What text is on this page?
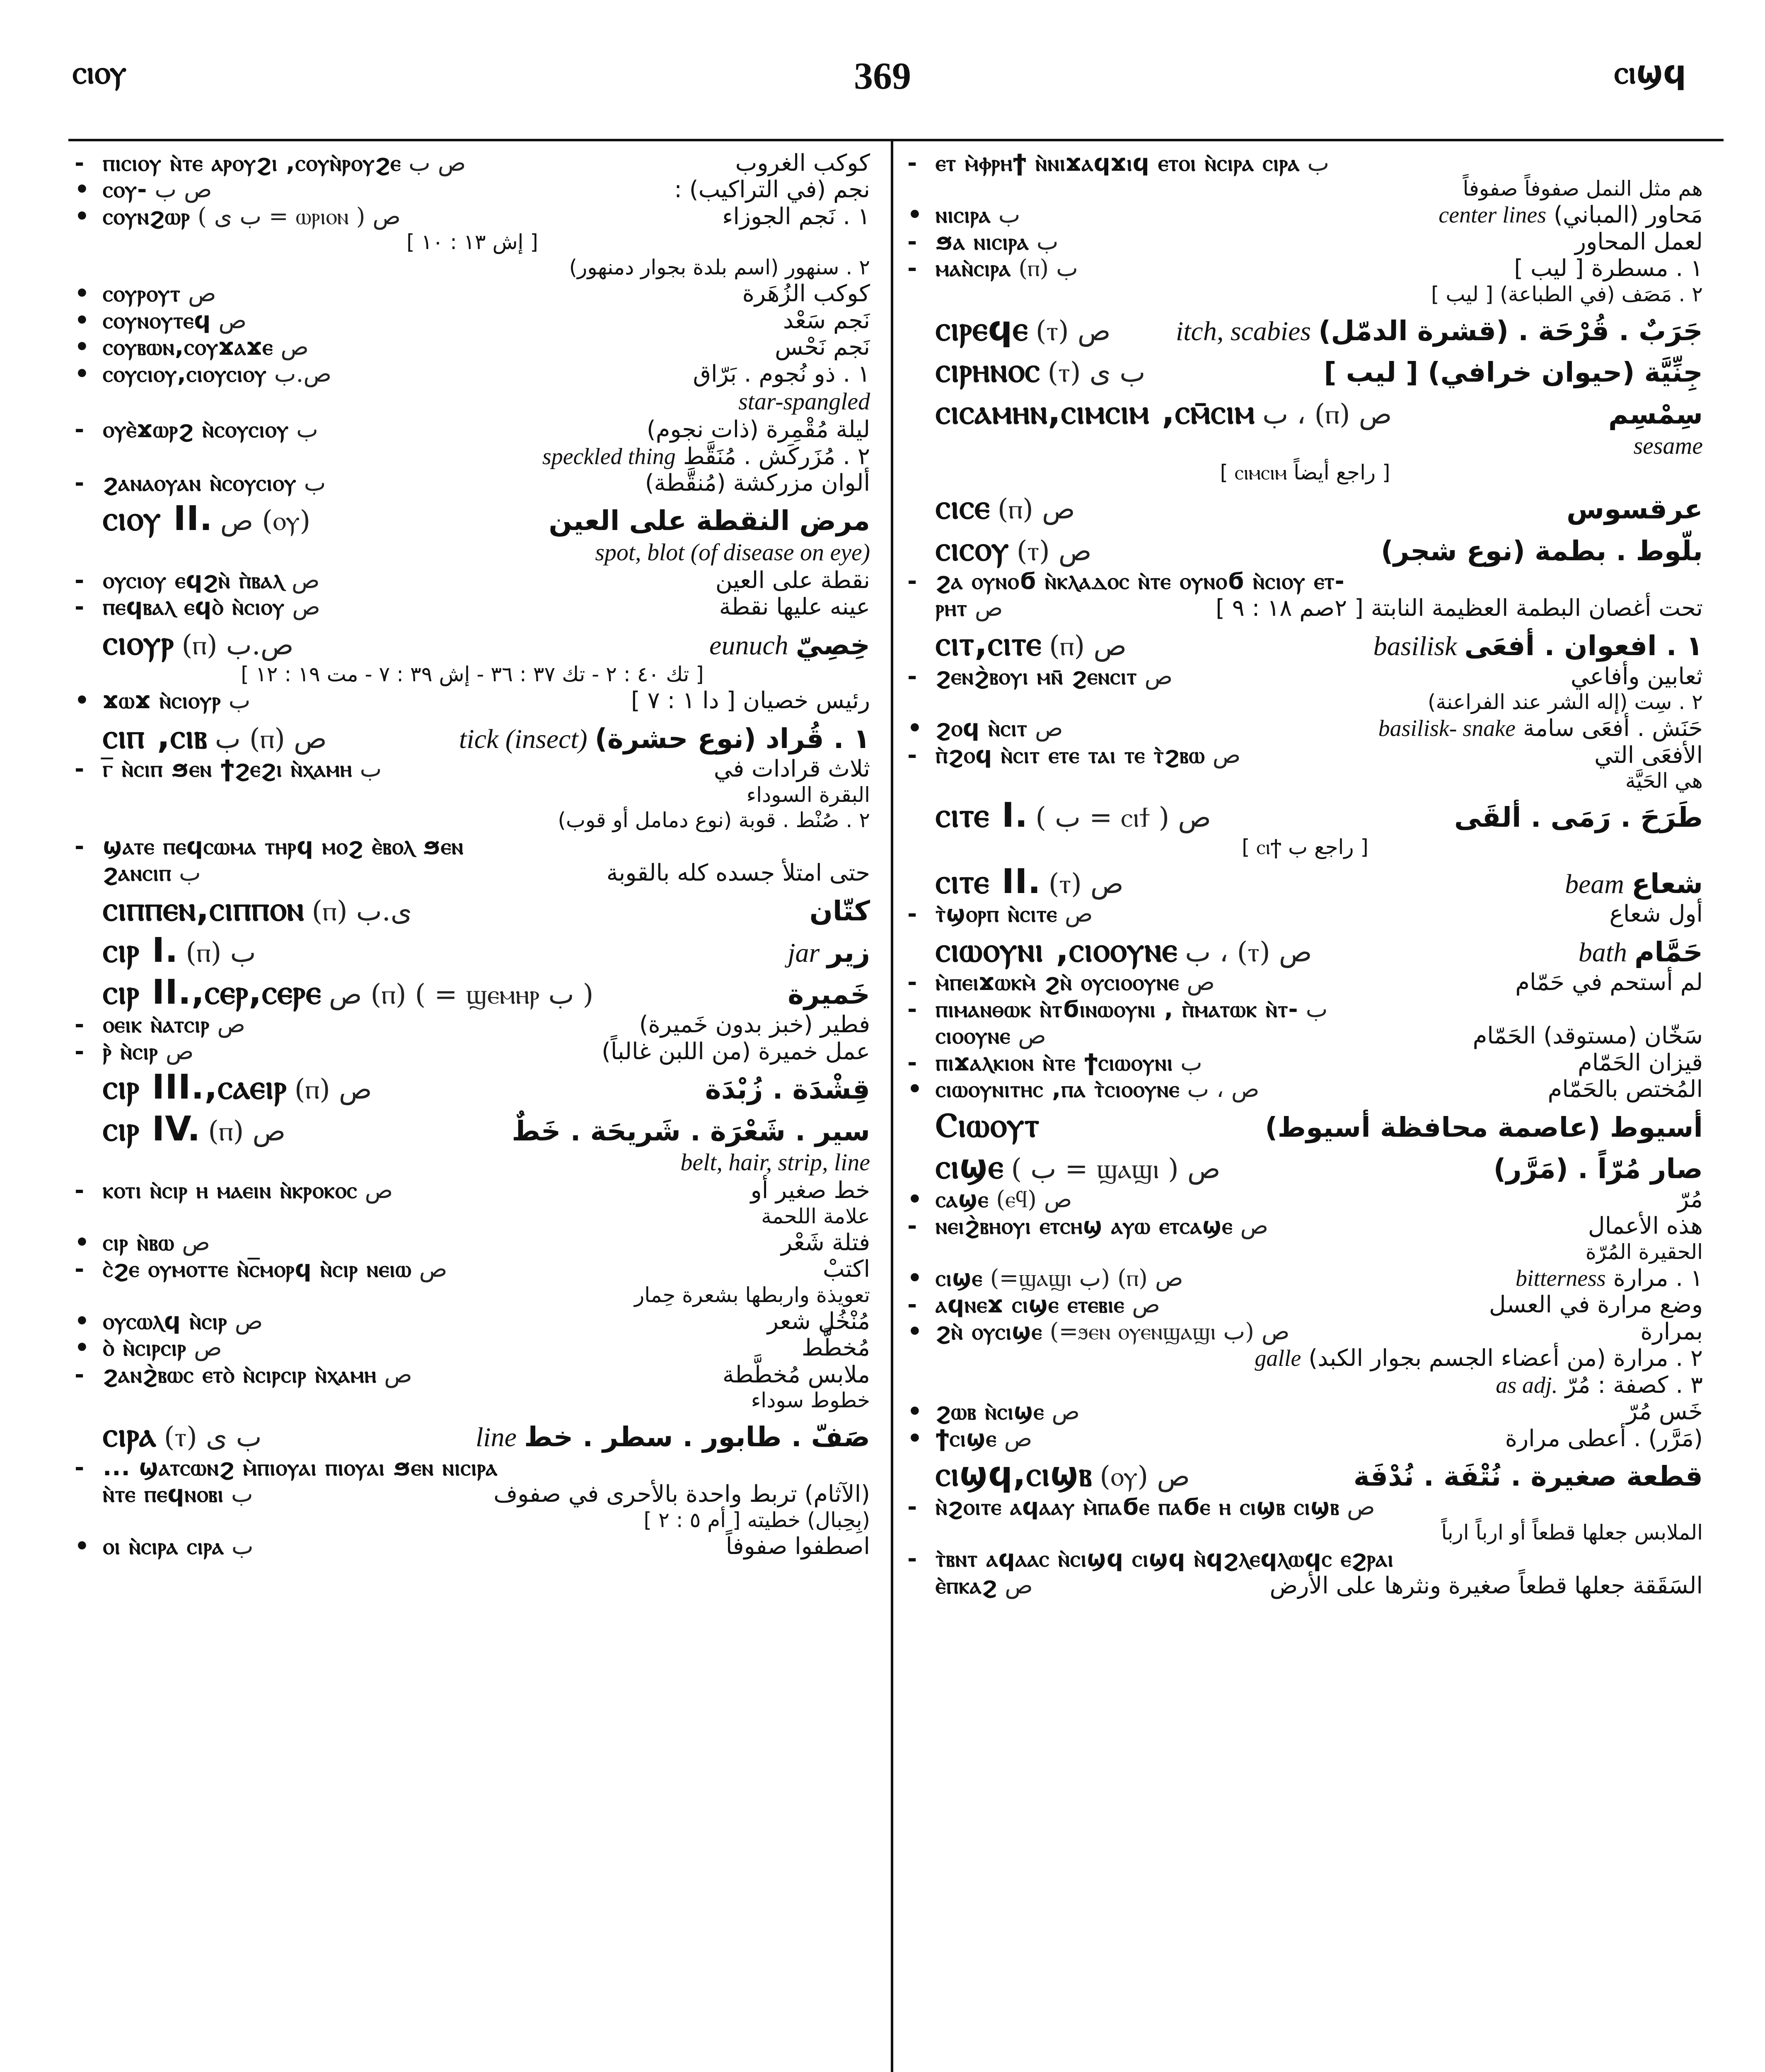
ⲥⲓⲟⲩ	369	ⲥⲓϣϥ
- ⲡⲓⲥⲓⲟⲩ ⲛ̀ⲧⲉ ⲁⲣⲟⲩϩⲓ ,ⲥⲟⲩⲛ̀ⲣⲟⲩϩⲉ ص ب	كوكب الغروب
• ⲥⲟⲩ- ص ب	نجم (في التراكيب) :
• ⲥⲟⲩⲛϩⲱⲣ ( ب ى = ⲱⲣⲓⲟⲛ ) ص	١ . نَجم الجوزاء
[ إش ١٣ : ١٠ ]
٢ . سنهور (اسم بلدة بجوار دمنهور)
• ⲥⲟⲩⲣⲟⲩⲧ ص	كوكب الزُهَرة
• ⲥⲟⲩⲛⲟⲩⲧⲉϥ ص	نَجم سَعْد
• ⲥⲟⲩⲃⲱⲛ,ⲥⲟⲩϫⲁϫⲉ ص	نَجم نَحْس
• ⲥⲟⲩⲥⲓⲟⲩ,ⲥⲓⲟⲩⲥⲓⲟⲩ ص.ب	١ . ذو نُجوم . بَرّاق
star-spangled
- ⲟⲩⲉ̀ϫⲱⲣϩ ⲛ̀ⲥⲟⲩⲥⲓⲟⲩ ب	ليلة مُقْمِرة (ذات نجوم)
speckled thing ٢ . مُزَركَش . مُنَقَّط
- ϩⲁⲛⲁⲟⲩⲁⲛ ⲛ̀ⲥⲟⲩⲥⲓⲟⲩ ب	ألوان مزركشة (مُنقَّطة)
ⲥⲓⲟⲩ II. ص (ⲟⲩ)	مرض النقطة على العين
spot, blot (of disease on eye)
- ⲟⲩⲥⲓⲟⲩ ⲉϥϩⲛ̀ ⲡ̀ⲃⲁⲗ ص	نقطة على العين
- ⲡⲉϥⲃⲁⲗ ⲉϥⲟ̀ ⲛ̀ⲥⲓⲟⲩ ص	عينه عليها نقطة
ⲥⲓⲟⲩⲣ (ⲡ) ص.ب	eunuch خِصِيّ
[ تك ٤٠ : ٢ - تك ٣٧ : ٣٦ - إش ٣٩ : ٧ - مت ١٩ : ١٢ ]
• ϫⲱϫ ⲛ̀ⲥⲓⲟⲩⲣ ب	رئيس خصيان [ دا ١ : ٧ ]
ⲥⲓⲡ ,ⲥⲓⲃ ب (ⲡ) ص	tick (insect) ١ . قُراد (نوع حشرة)
- ⲅ̅ ⲛ̀ⲥⲓⲡ ϧⲉⲛ ϯϩⲉϩⲓ ⲛ̀ⲭⲁⲙⲏ ب	ثلاث قرادات في
البقرة السوداء
٢ . صُنْط . قوبة (نوع دمامل أو قوب)
- ϣⲁⲧⲉ ⲡⲉϥⲥⲱⲙⲁ ⲧⲏⲣϥ ⲙⲟϩ ⲉ̀ⲃⲟⲗ ϧⲉⲛ
ϩⲁⲛⲥⲓⲡ ب	حتى امتلأ جسده كله بالقوبة
ⲥⲓⲡⲡⲉⲛ,ⲥⲓⲡⲡⲟⲛ (ⲡ) ى.ب	كتّان
ⲥⲓⲣ I. (ⲡ) ب	jar زير
ⲥⲓⲣ II.,ⲥⲉⲣ,ⲥⲉⲣⲉ ص (ⲡ) ( = ϣⲉⲙⲏⲣ ب )	خَميرة
- ⲟⲉⲓⲕ ⲛ̀ⲁⲧⲥⲓⲣ ص	فطير (خبز بدون خَميرة)
- ⲣ̀ ⲛ̀ⲥⲓⲣ ص	عمل خميرة (من اللبن غالباً)
ⲥⲓⲣ III.,ⲥⲁⲉⲓⲣ (ⲡ) ص	قِشْدَة . زُبْدَة
ⲥⲓⲣ IV. (ⲡ) ص	سير . شَعْرَة . شَريحَة . خَطٌ
belt, hair, strip, line
- ⲕⲟⲧⲓ ⲛ̀ⲥⲓⲣ ⲏ ⲙⲁⲉⲓⲛ ⲛ̀ⲕⲣⲟⲕⲟⲥ ص	خط صغير أو
علامة اللحمة
• ⲥⲓⲣ ⲛ̀ⲃⲱ ص	فتلة شَعْر
- ⲥ̀ϩⲉ ⲟⲩⲙⲟⲧⲧⲉ ⲛ̀ⲥ̅ⲙⲟⲣϥ ⲛ̀ⲥⲓⲣ ⲛⲉⲓⲱ ص	اكتبْ
تعويذة واربطها بشعرة حِمار
• ⲟⲩⲥⲱⲗϥ ⲛ̀ⲥⲓⲣ ص	مُنْخُل شعر
• ⲟ̀ ⲛ̀ⲥⲓⲣⲥⲓⲣ ص	مُخطَّط
- ϩⲁⲛϩ̀ⲃⲱⲥ ⲉⲧⲟ̀ ⲛ̀ⲥⲓⲣⲥⲓⲣ ⲛ̀ⲭⲁⲙⲏ ص	ملابس مُخطَّطة
خطوط سوداء
ⲥⲓⲣⲁ (ⲧ) ب ى	line صَفّ . طابور . سطر . خط
- ... ϣⲁⲧⲥⲱⲛϩ ⲙ̀ⲡⲓⲟⲩⲁⲓ ⲡⲓⲟⲩⲁⲓ ϧⲉⲛ ⲛⲓⲥⲓⲣⲁ
ⲛ̀ⲧⲉ ⲡⲉϥⲛⲟⲃⲓ ب	(الآثام) تربط واحدة بالأحرى في صفوف
(بِحِبال) خطيته [ أم ٥ : ٢ ]
• ⲟⲓ ⲛ̀ⲥⲓⲣⲁ ⲥⲓⲣⲁ ب	اصطفوا صفوفاً
- ⲉⲧ ⲙ̀ⲫⲣⲏϯ ⲛ̀ⲛⲓϫⲁϥϫⲓϥ ⲉⲧⲟⲓ ⲛ̀ⲥⲓⲣⲁ ⲥⲓⲣⲁ ب
هم مثل النمل صفوفاً صفوفاً
• ⲛⲓⲥⲓⲣⲁ ب	center lines مَحاور (المباني)
- ϧⲁ ⲛⲓⲥⲓⲣⲁ ب	لعمل المحاور
- ⲙⲁⲛ̀ⲥⲓⲣⲁ (ⲡ) ب	١ . مسطرة [ ليب ]
٢ . مَصَف (في الطباعة) [ ليب ]
ⲥⲓⲣⲉϥⲉ (ⲧ) ص itch, scabies جَرَبٌ . قُرْحَة . (قشرة الدمّل)
ⲥⲓⲣⲏⲛⲟⲥ (ⲧ) ب ى	جِنِّيَّة (حيوان خرافي) [ ليب ]
ⲥⲓⲥⲁⲙⲏⲛ,ⲥⲓⲙⲥⲓⲙ ,ⲥⲙ̄ⲥⲓⲙ ب ، (ⲡ) ص	سِمْسِم
sesame
[ راجع أيضاً ⲥⲓⲙⲥⲓⲙ ]
ⲥⲓⲥⲉ (ⲡ) ص	عرقسوس
ⲥⲓⲥⲟⲩ (ⲧ) ص	بلّوط . بطمة (نوع شجر)
- ϩⲁ ⲟⲩⲛⲟϭ ⲛ̀ⲕⲗⲁⲇⲟⲥ ⲛ̀ⲧⲉ ⲟⲩⲛⲟϭ ⲛ̀ⲥⲓⲟⲩ ⲉⲧ-
ⲣⲏⲧ ص	تحت أغصان البطمة العظيمة النابتة [ ٢صم ١٨ : ٩ ]
ⲥⲓⲧ,ⲥⲓⲧⲉ (ⲡ) ص	basilisk ١ . افعوان . أفعَى
- ϩⲉⲛϩ̀ⲃⲟⲩⲓ ⲙⲛ̄ ϩⲉⲛⲥⲓⲧ ص	ثعابين وأفاعي
٢ . سِت (إله الشر عند الفراعنة)
• ϩⲟϥ ⲛ̀ⲥⲓⲧ ص	basilisk- snake حَنَش . أفعَى سامة
- ⲡ̀ϩⲟϥ ⲛ̀ⲥⲓⲧ ⲉⲧⲉ ⲧⲁⲓ ⲧⲉ ⲧ̀ϩⲃⲱ ص	الأفعَى التي
هي الحَيَّة
ⲥⲓⲧⲉ I. ( ب = ⲥⲓϯ ) ص	طَرَحَ . رَمَى . ألقَى
[ راجع ب ⲥⲓϯ ]
ⲥⲓⲧⲉ II. (ⲧ) ص	beam شعاع
- ⲧ̀ϣⲟⲣⲡ ⲛ̀ⲥⲓⲧⲉ ص	أول شعاع
ⲥⲓⲱⲟⲩⲛⲓ ,ⲥⲓⲟⲟⲩⲛⲉ ب ، (ⲧ) ص	bath حَمَّام
- ⲙ̀ⲡⲉⲓϫⲱⲕⲙ̀ ϩⲛ̀ ⲟⲩⲥⲓⲟⲟⲩⲛⲉ ص	لم أستحم في حَمّام
- ⲡⲓⲙⲁⲛⲑⲱⲕ ⲛ̀ⲧϭⲓⲛⲱⲟⲩⲛⲓ , ⲡ̀ⲙⲁⲧⲱⲕ ⲛ̀ⲧ- ب
ⲥⲓⲟⲟⲩⲛⲉ ص	سَخّان (مستوقد) الحَمّام
- ⲡⲓϫⲁⲗⲕⲓⲟⲛ ⲛ̀ⲧⲉ ϯⲥⲓⲱⲟⲩⲛⲓ ب	قيزان الحَمّام
• ⲥⲓⲱⲟⲩⲛⲓⲧⲏⲥ ,ⲡⲁ ⲧ̀ⲥⲓⲟⲟⲩⲛⲉ ص ، ب	المُختص بالحَمّام
Ⲥⲓⲱⲟⲩⲧ	أسيوط (عاصمة محافظة أسيوط)
ⲥⲓϣⲉ ( ب = ϣⲁϣⲓ ) ص	صار مُرّاً . (مَرَّر)
• ⲥⲁϣⲉ (ⲉϥ) ص	مُرّ
- ⲛⲉⲓϩ̀ⲃⲏⲟⲩⲓ ⲉⲧⲥⲏϣ ⲁⲩⲱ ⲉⲧⲥⲁϣⲉ ص	هذه الأعمال
الحقيرة المُرّة
• ⲥⲓϣⲉ (=ϣⲁϣⲓ ب) (ⲡ) ص	bitterness ١ . مرارة
- ⲁϥⲛⲉϫ ⲥⲓϣⲉ ⲉⲧⲉⲃⲓⲉ ص	وضع مرارة في العسل
• ϩⲛ̀ ⲟⲩⲥⲓϣⲉ (=ϧⲉⲛ ⲟⲩⲉⲛϣⲁϣⲓ ب) ص	بمرارة
galle ٢ . مرارة (من أعضاء الجسم بجوار الكبد)
as adj. ٣ . كصفة : مُرّ
• ϩⲱⲃ ⲛ̀ⲥⲓϣⲉ ص	خَس مُرّ
• ϯⲥⲓϣⲉ ص	(مَرَّر) . أعطى مرارة
ⲥⲓϣϥ,ⲥⲓϣⲃ (ⲟⲩ) ص	قطعة صغيرة . نُتْفَة . نُدْفَة
- ⲛ̀ϩⲟⲓⲧⲉ ⲁϥⲁⲁⲩ ⲙ̀ⲡⲁϭⲉ ⲡⲁϭⲉ ⲏ ⲥⲓϣⲃ ⲥⲓϣⲃ ص
الملابس جعلها قطعاً أو ارباً ارباً
- ⲧ̀ⲃⲛⲧ ⲁϥⲁⲁⲥ ⲛ̀ⲥⲓϣϥ ⲥⲓϣϥ ⲛ̀ϥϩⲗⲉϥⲗⲱϥⲥ ⲉϩⲣⲁⲓ
ⲉ̀ⲡⲕⲁϩ ص	السَقَقة جعلها قطعاً صغيرة ونثرها على الأرض
